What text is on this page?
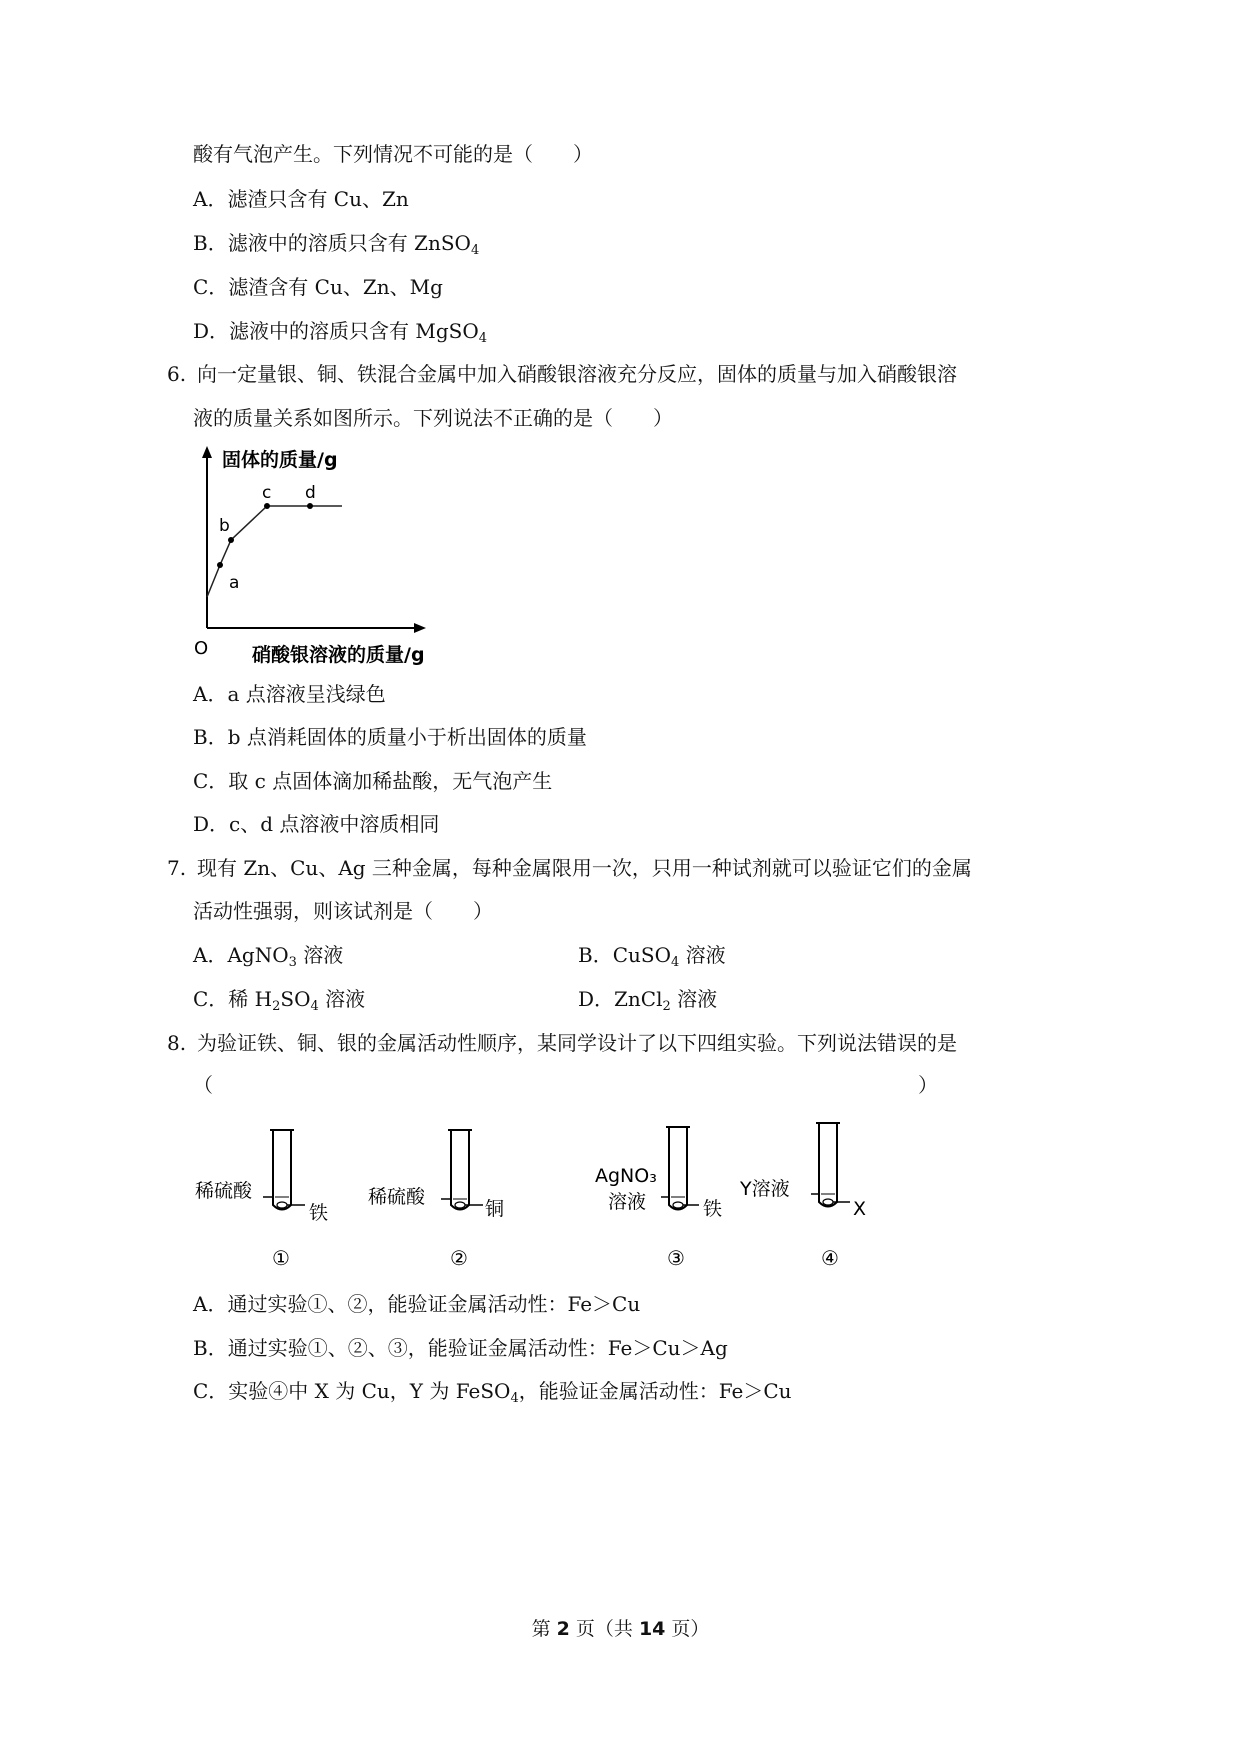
酸有气泡产生。下列情况不可能的是（　　）
A．滤渣只含有 Cu、Zn
B．滤液中的溶质只含有 ZnSO$_4$
C．滤渣含有 Cu、Zn、Mg
D．滤液中的溶质只含有 MgSO$_4$
6. 向一定量银、铜、铁混合金属中加入硝酸银溶液充分反应，固体的质量与加入硝酸银溶
液的质量关系如图所示。下列说法不正确的是（　　）
固体的质量/g
硝酸银溶液的质量/g
O
a
b
c d
A．a 点溶液呈浅绿色
B．b 点消耗固体的质量小于析出固体的质量
C．取 c 点固体滴加稀盐酸，无气泡产生
D．c、d 点溶液中溶质相同
7. 现有 Zn、Cu、Ag 三种金属，每种金属限用一次，只用一种试剂就可以验证它们的金属
活动性强弱，则该试剂是（　　）
A．AgNO$_3$ 溶液	B．CuSO$_4$ 溶液
C．稀 $H_2SO_4$ 溶液	D．ZnCl$_2$ 溶液
8. 为验证铁、铜、银的金属活动性顺序，某同学设计了以下四组实验。下列说法错误的是
（	）
稀硫酸
铁
①
稀硫酸
铜
②
AgNO₃
溶液	铁
③
Y溶液
X
④
A．通过实验①、②，能验证金属活动性：Fe＞Cu
B．通过实验①、②、③，能验证金属活动性：Fe＞Cu＞Ag
C．实验④中 X 为 Cu，Y 为 FeSO$_4$，能验证金属活动性：Fe＞Cu
第 2 页（共 14 页）
